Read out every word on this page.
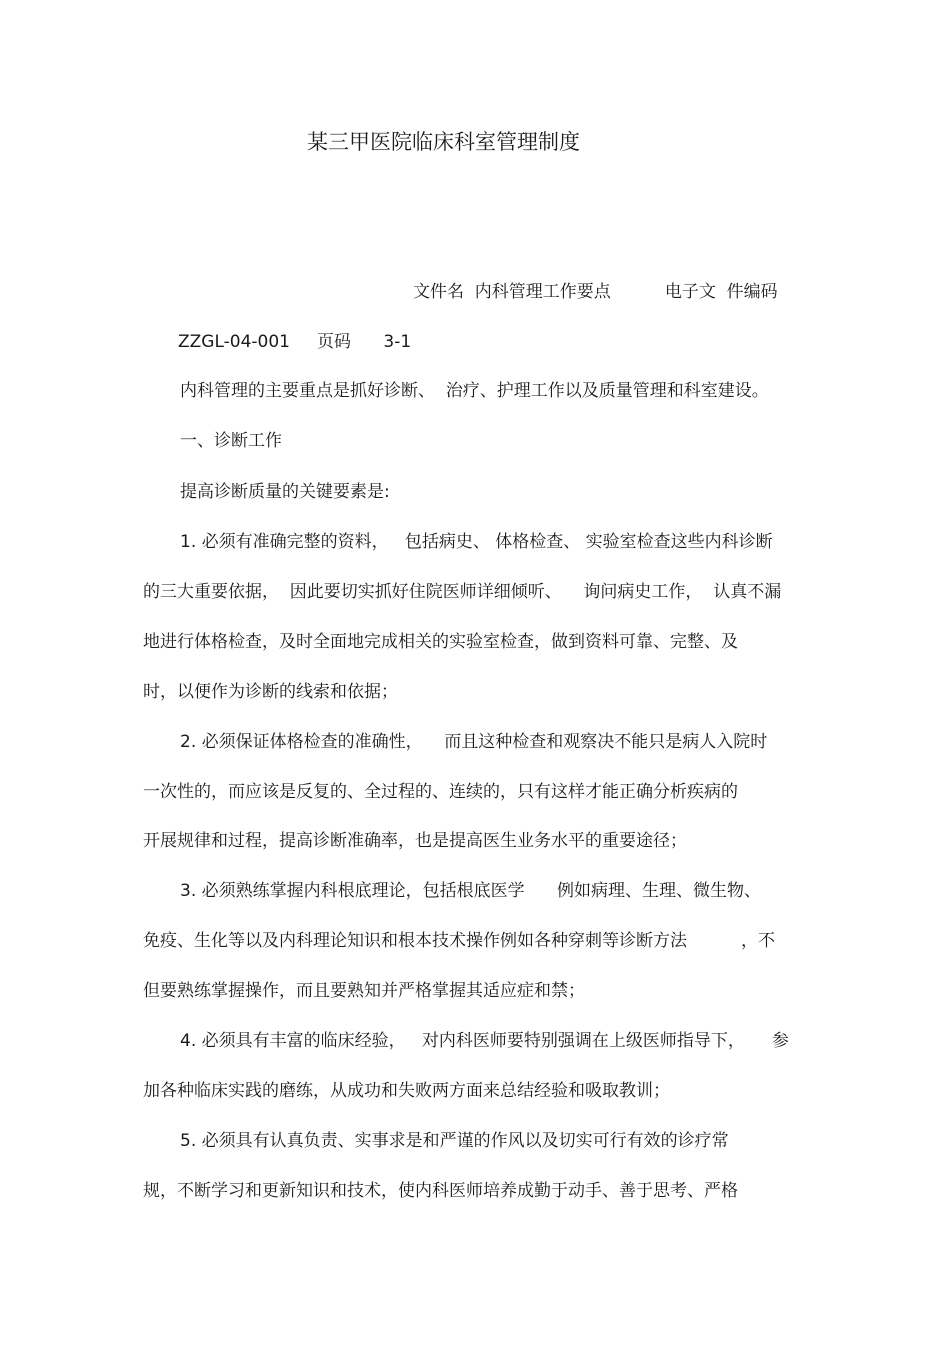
某三甲医院临床科室管理制度
文件名  内科管理工作要点          电子文  件编码
ZZGL-04-001     页码      3-1
内科管理的主要重点是抓好诊断、  治疗、护理工作以及质量管理和科室建设。
一、诊断工作
提高诊断质量的关键要素是:
1. 必须有准确完整的资料，   包括病史、 体格检查、 实验室检查这些内科诊断
的三大重要依据，  因此要切实抓好住院医师详细倾听、    询问病史工作，  认真不漏
地进行体格检查，及时全面地完成相关的实验室检查，做到资料可靠、完整、及
时，以便作为诊断的线索和依据；
2. 必须保证体格检查的准确性，    而且这种检查和观察决不能只是病人入院时
一次性的，而应该是反复的、全过程的、连续的，只有这样才能正确分析疾病的
开展规律和过程，提高诊断准确率，也是提高医生业务水平的重要途径；
3. 必须熟练掌握内科根底理论，包括根底医学      例如病理、生理、微生物、
免疫、生化等以及内科理论知识和根本技术操作例如各种穿刺等诊断方法          ，不
但要熟练掌握操作，而且要熟知并严格掌握其适应症和禁；
4. 必须具有丰富的临床经验，   对内科医师要特别强调在上级医师指导下，     参
加各种临床实践的磨练，从成功和失败两方面来总结经验和吸取教训；
5. 必须具有认真负责、实事求是和严谨的作风以及切实可行有效的诊疗常
规，不断学习和更新知识和技术，使内科医师培养成勤于动手、善于思考、严格
